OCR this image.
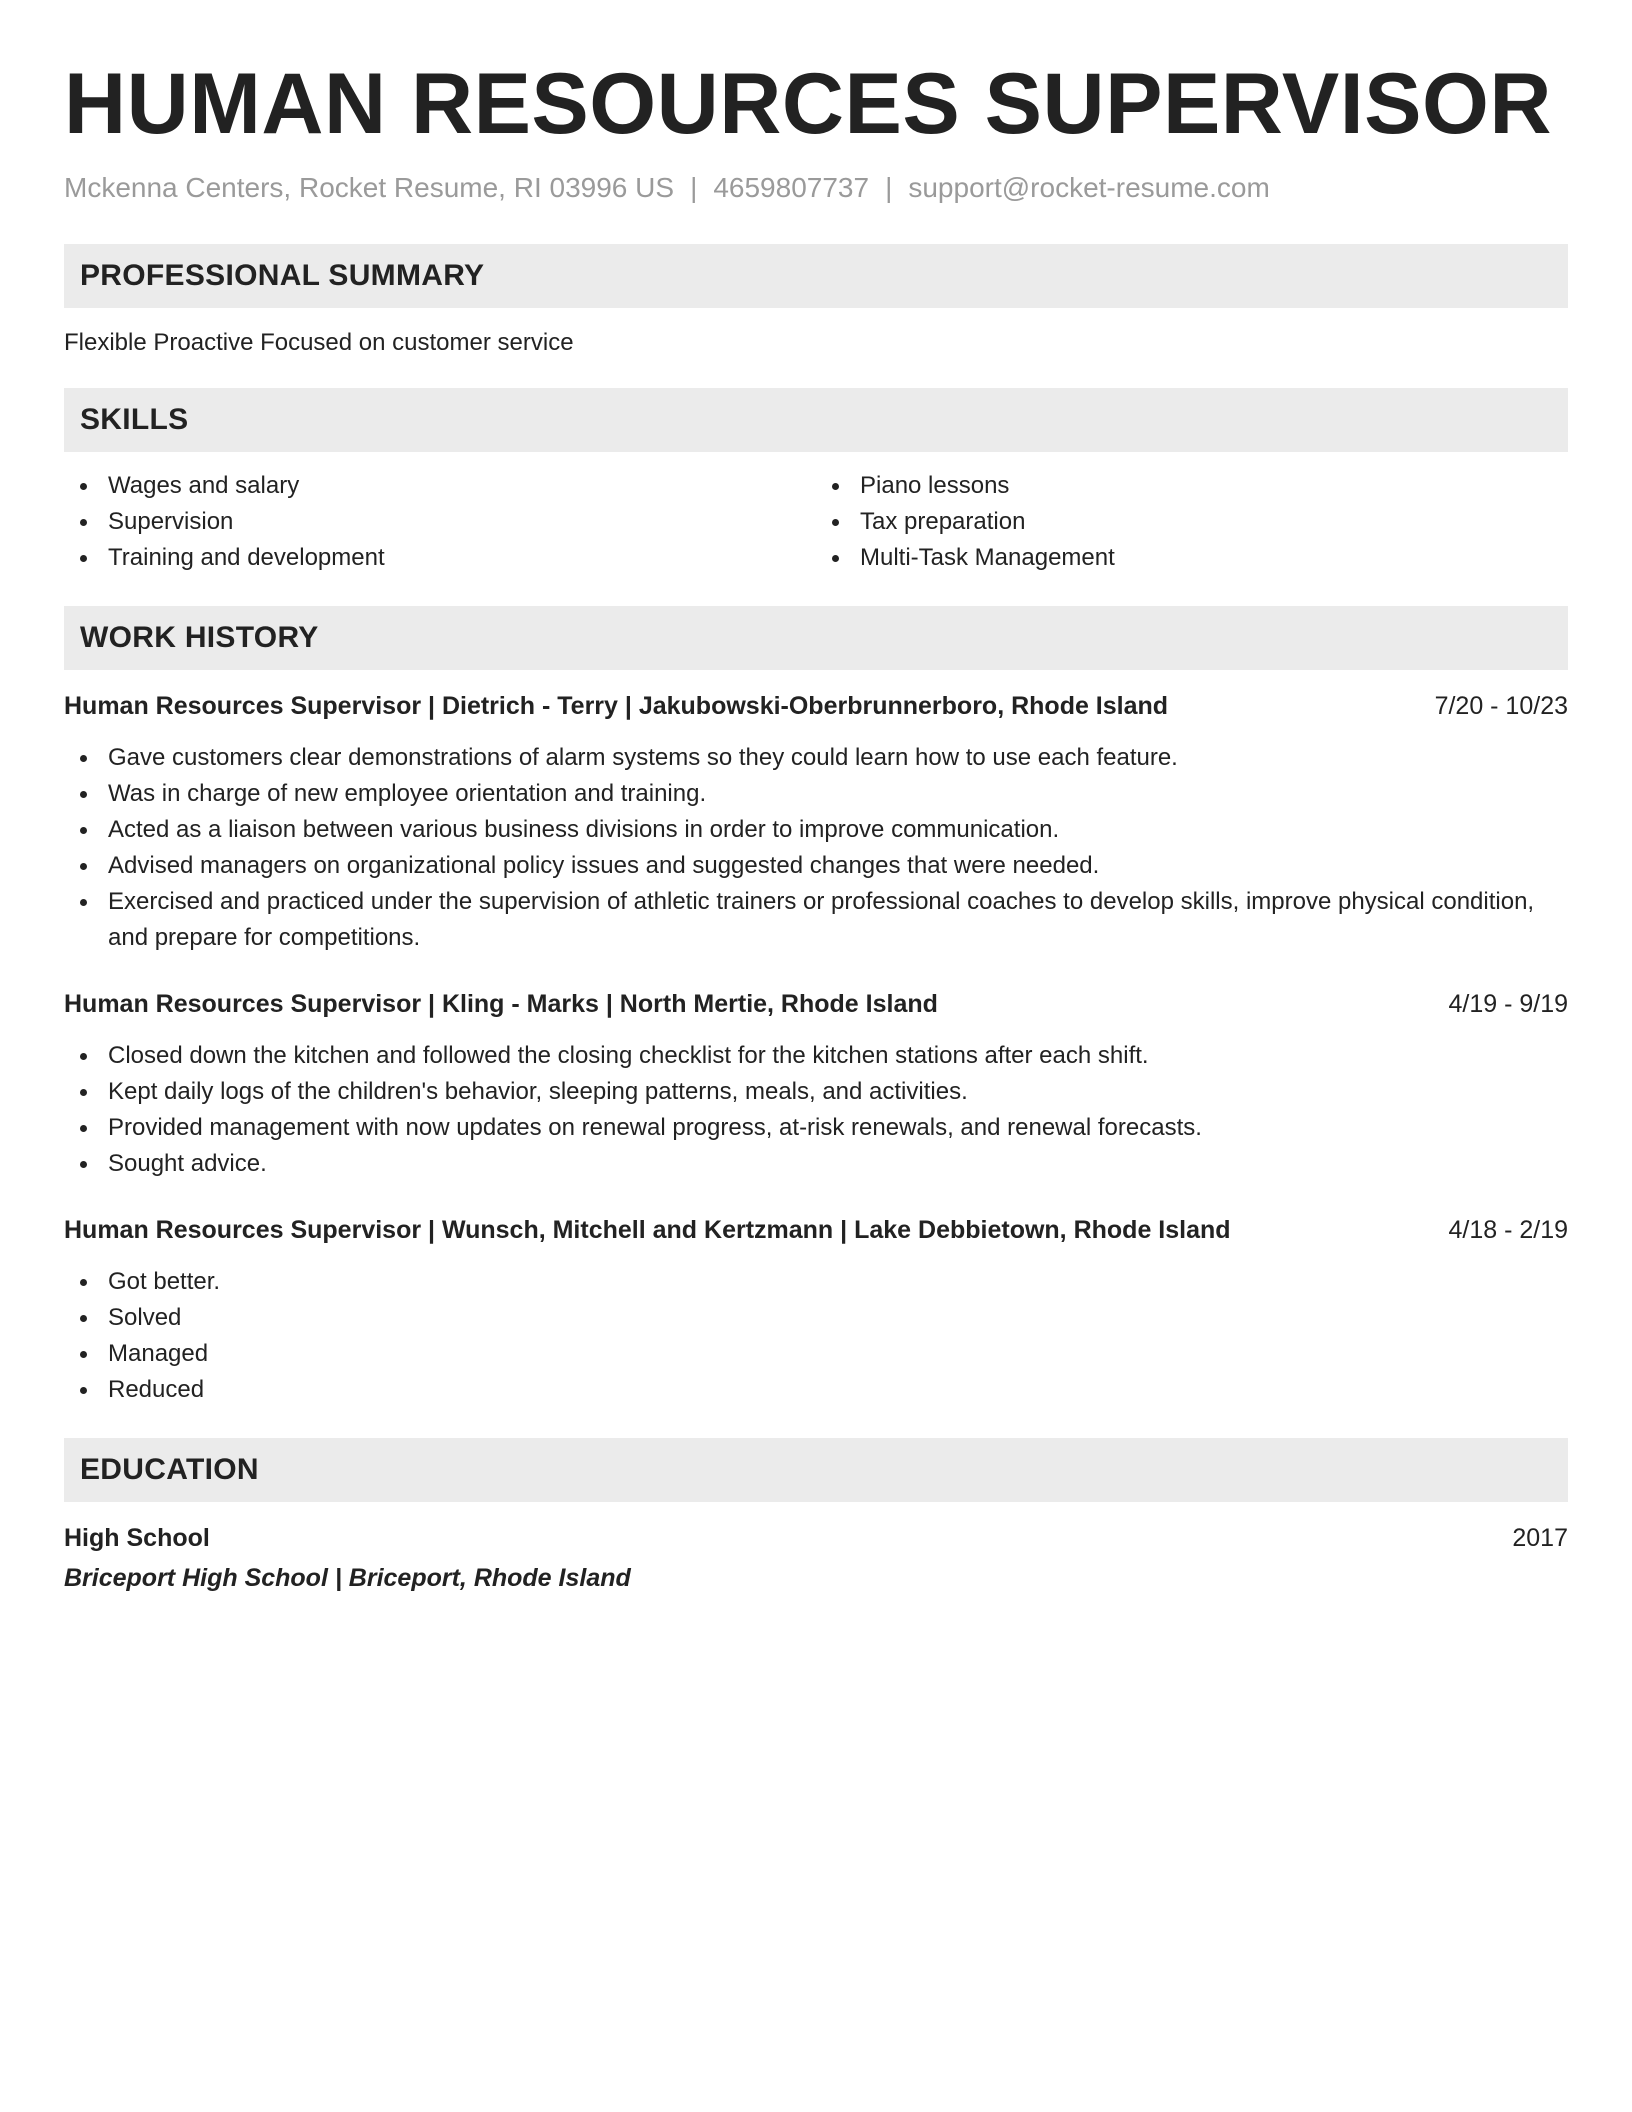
HUMAN RESOURCES SUPERVISOR
Mckenna Centers, Rocket Resume, RI 03996 US | 4659807737 | support@rocket-resume.com
PROFESSIONAL SUMMARY
Flexible Proactive Focused on customer service
SKILLS
Wages and salary
Supervision
Training and development
Piano lessons
Tax preparation
Multi-Task Management
WORK HISTORY
Human Resources Supervisor | Dietrich - Terry | Jakubowski-Oberbrunnerboro, Rhode Island	7/20 - 10/23
Gave customers clear demonstrations of alarm systems so they could learn how to use each feature.
Was in charge of new employee orientation and training.
Acted as a liaison between various business divisions in order to improve communication.
Advised managers on organizational policy issues and suggested changes that were needed.
Exercised and practiced under the supervision of athletic trainers or professional coaches to develop skills, improve physical condition, and prepare for competitions.
Human Resources Supervisor | Kling - Marks | North Mertie, Rhode Island	4/19 - 9/19
Closed down the kitchen and followed the closing checklist for the kitchen stations after each shift.
Kept daily logs of the children's behavior, sleeping patterns, meals, and activities.
Provided management with now updates on renewal progress, at-risk renewals, and renewal forecasts.
Sought advice.
Human Resources Supervisor | Wunsch, Mitchell and Kertzmann | Lake Debbietown, Rhode Island	4/18 - 2/19
Got better.
Solved
Managed
Reduced
EDUCATION
High School	2017
Briceport High School | Briceport, Rhode Island
